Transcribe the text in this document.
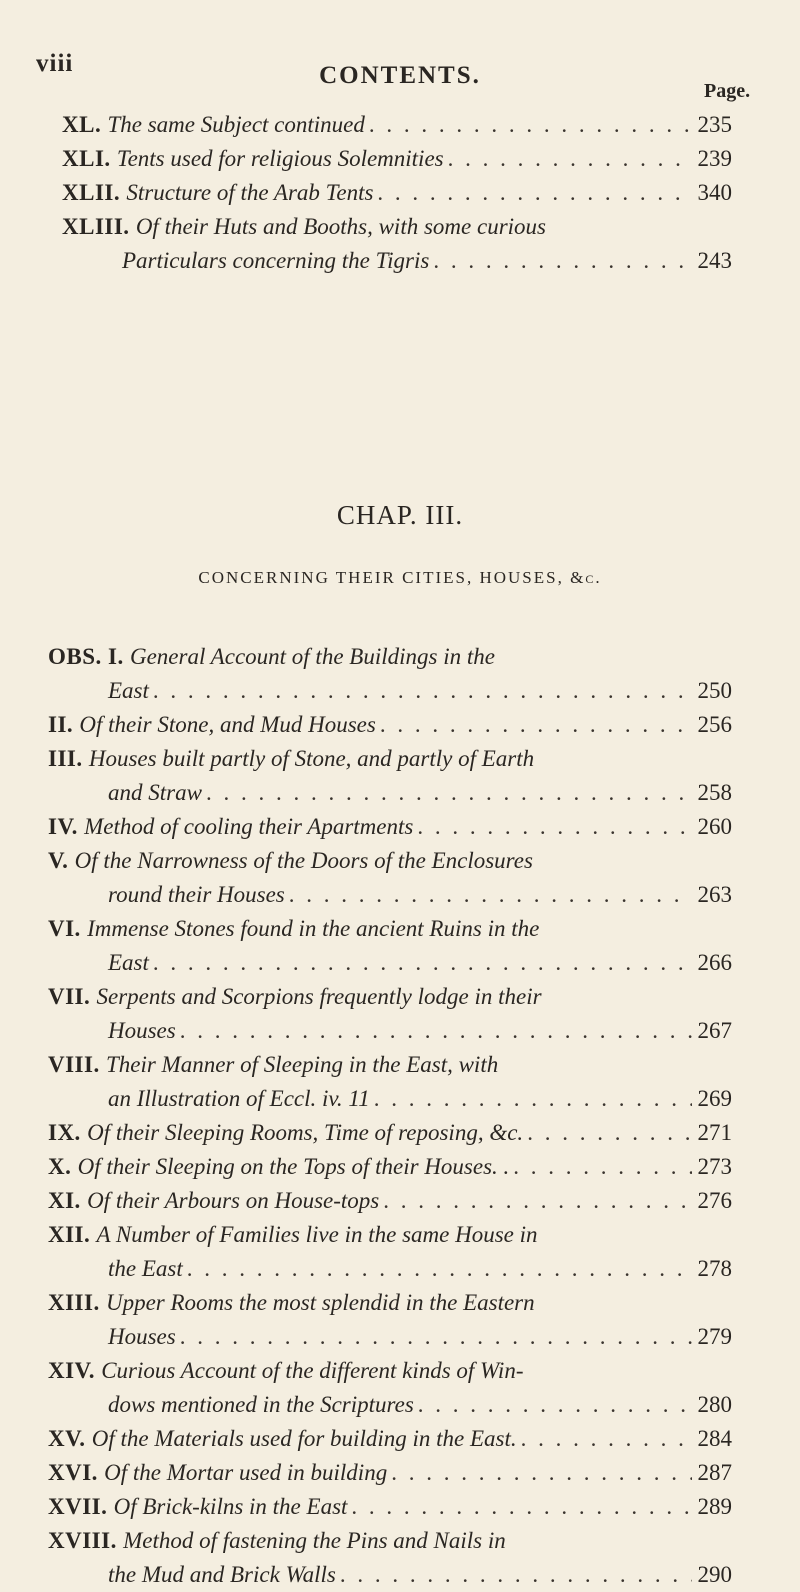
viii	CONTENTS.
Page.
XL. The same Subject continued . . .	235
XLI. Tents used for religious Solemnities . . .	239
XLII. Structure of the Arab Tents . . .	340
XLIII. Of their Huts and Booths, with some curious
Particulars concerning the Tigris . . .	243
CHAP. III.
CONCERNING THEIR CITIES, HOUSES, &c.
OBS. I. General Account of the Buildings in the
East . . .	250
II. Of their Stone, and Mud Houses . . .	256
III. Houses built partly of Stone, and partly of Earth
and Straw . . .	258
IV. Method of cooling their Apartments . . .	260
V. Of the Narrowness of the Doors of the Enclosures
round their Houses . . .	263
VI. Immense Stones found in the ancient Ruins in the
East . . .	266
VII. Serpents and Scorpions frequently lodge in their
Houses . . .	267
VIII. Their Manner of Sleeping in the East, with
an Illustration of Eccl. iv. 11 . . .	269
IX. Of their Sleeping Rooms, Time of reposing, &c. . . .	271
X. Of their Sleeping on the Tops of their Houses. . . . .	273
XI. Of their Arbours on House-tops . . .	276
XII. A Number of Families live in the same House in
the East . . .	278
XIII. Upper Rooms the most splendid in the Eastern
Houses . . .	279
XIV. Curious Account of the different kinds of Win-
dows mentioned in the Scriptures . . .	280
XV. Of the Materials used for building in the East. . . .	284
XVI. Of the Mortar used in building . . .	287
XVII. Of Brick-kilns in the East . . .	289
XVIII. Method of fastening the Pins and Nails in
the Mud and Brick Walls . . .	290
